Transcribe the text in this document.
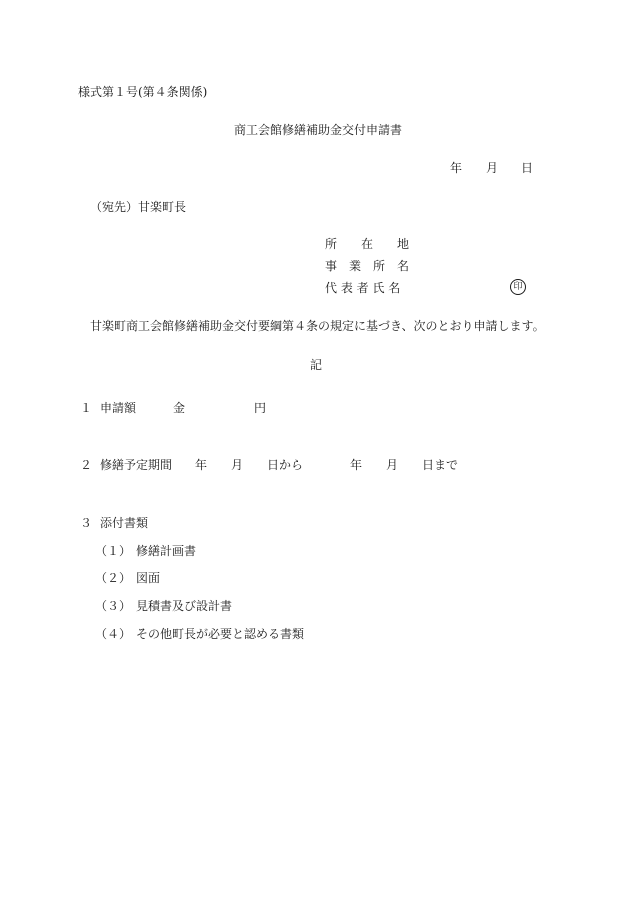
様式第１号(第４条関係)
商工会館修繕補助金交付申請書
年 月 日
（宛先）甘楽町長
所　　在　　地
事　業　所　名
代 表 者 氏 名	印
甘楽町商工会館修繕補助金交付要綱第４条の規定に基づき、次のとおり申請します。
記
１ 申請額	金	円
２ 修繕予定期間 年 月 日から	年 月 日まで
３ 添付書類
（１） 修繕計画書
（２） 図面
（３） 見積書及び設計書
（４） その他町長が必要と認める書類
